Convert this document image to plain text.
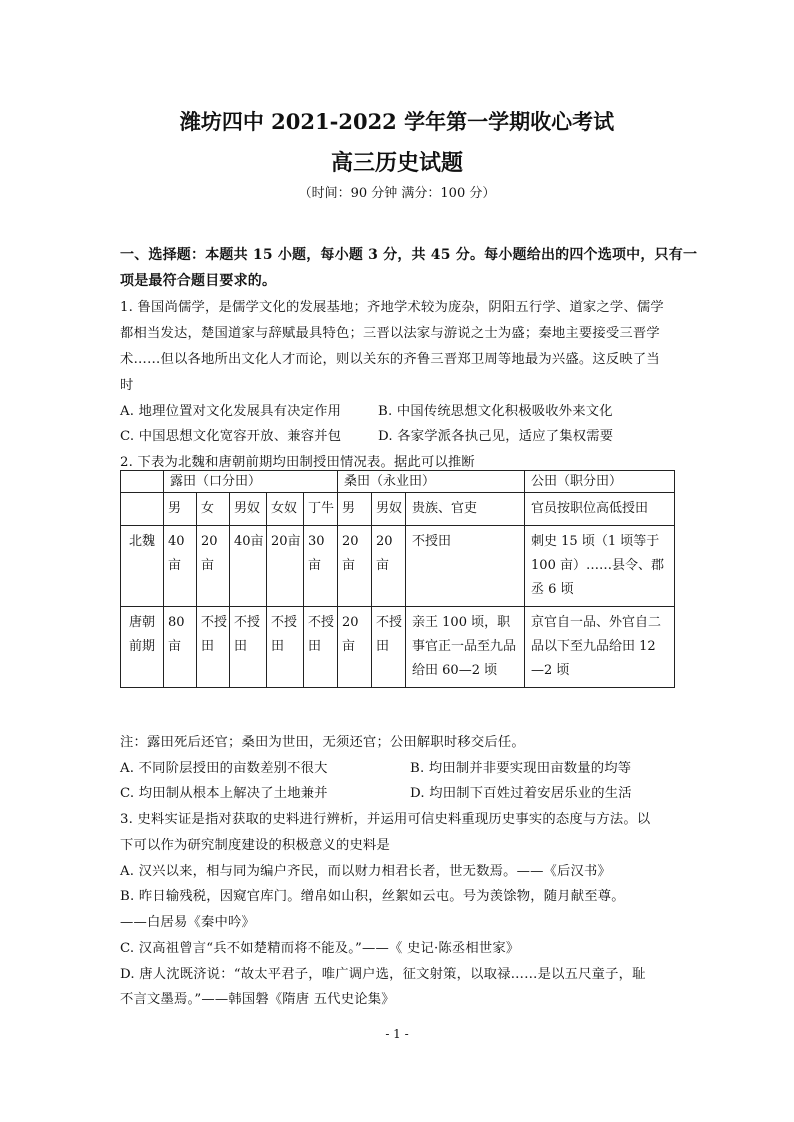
潍坊四中 2021-2022 学年第一学期收心考试
高三历史试题
（时间：90 分钟 满分：100 分）
一、选择题：本题共 15 小题，每小题 3 分，共 45 分。每小题给出的四个选项中，只有一
项是最符合题目要求的。
1. 鲁国尚儒学，是儒学文化的发展基地；齐地学术较为庞杂，阴阳五行学、道家之学、儒学
都相当发达，楚国道家与辞赋最具特色；三晋以法家与游说之士为盛；秦地主要接受三晋学
术……但以各地所出文化人才而论，则以关东的齐鲁三晋郑卫周等地最为兴盛。这反映了当
时
A. 地理位置对文化发展具有决定作用	B. 中国传统思想文化积极吸收外来文化
C. 中国思想文化宽容开放、兼容并包	D. 各家学派各执己见，适应了集权需要
2. 下表为北魏和唐朝前期均田制授田情况表。据此可以推断
	露田（口分田）					桑田（永业田）			公田（职分田）
	男	女	男奴	女奴	丁牛	男	男奴	贵族、官吏	官员按职位高低授田
北魏	40亩	20亩	40亩	20亩	30亩	20亩	20亩	不授田	刺史 15 顷（1 顷等于 100 亩）……县令、郡丞 6 顷
唐朝前期	80亩	不授田	不授田	不授田	不授田	20亩	不授田	亲王 100 顷，职事官正一品至九品给田 60—2 顷	京官自一品、外官自二品以下至九品给田 12—2 顷
注：露田死后还官；桑田为世田，无须还官；公田解职时移交后任。
A. 不同阶层授田的亩数差别不很大	B. 均田制并非要实现田亩数量的均等
C. 均田制从根本上解决了土地兼并	D. 均田制下百姓过着安居乐业的生活
3. 史料实证是指对获取的史料进行辨析，并运用可信史料重现历史事实的态度与方法。以
下可以作为研究制度建设的积极意义的史料是
A. 汉兴以来，相与同为编户齐民，而以财力相君长者，世无数焉。——《后汉书》
B. 昨日输残税，因窥官库门。缯帛如山积，丝絮如云屯。号为羡馀物，随月献至尊。
——白居易《秦中吟》
C. 汉高祖曾言“兵不如楚精而将不能及。”——《 史记·陈丞相世家》
D. 唐人沈既济说：“故太平君子，唯广调户选，征文射策，以取禄……是以五尺童子，耻
不言文墨焉。”——韩国磐《隋唐 五代史论集》
- 1 -
